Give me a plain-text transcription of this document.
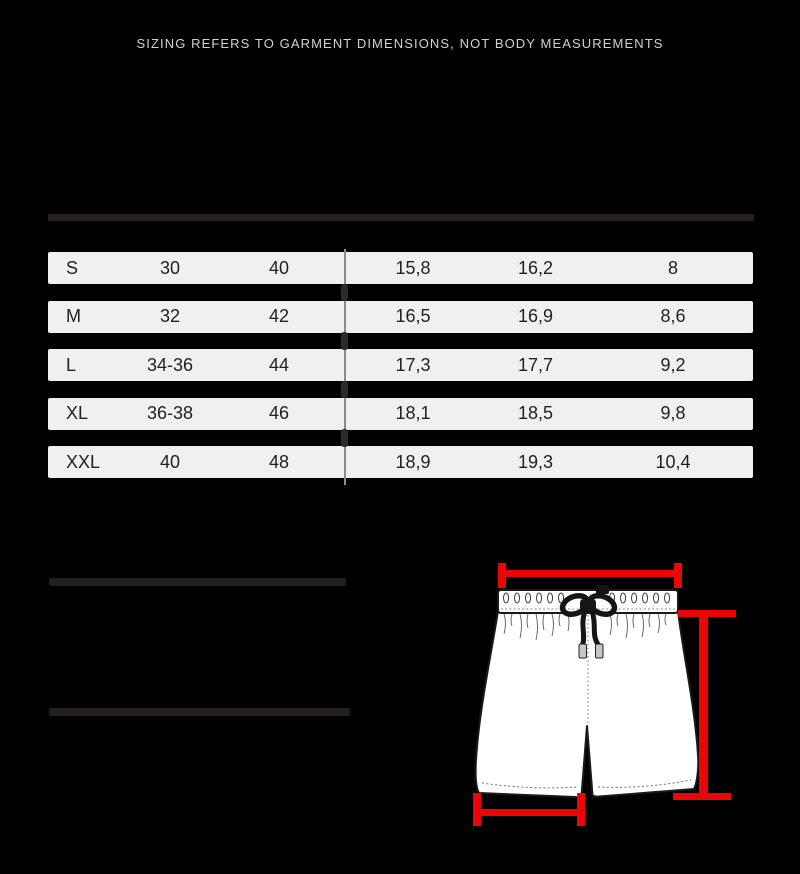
SIZING REFERS TO GARMENT DIMENSIONS, NOT BODY MEASUREMENTS
S	30	40	15,8	16,2	8
M	32	42	16,5	16,9	8,6
L	34-36	44	17,3	17,7	9,2
XL	36-38	46	18,1	18,5	9,8
XXL	40	48	18,9	19,3	10,4
